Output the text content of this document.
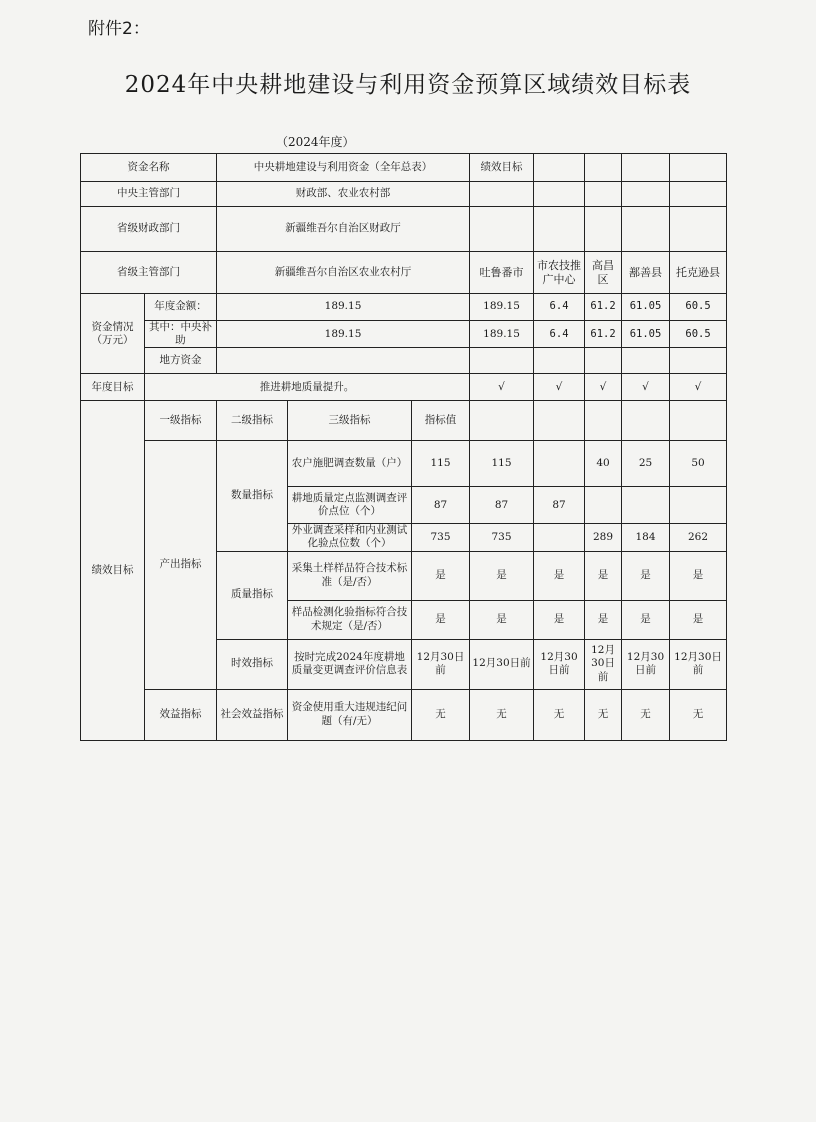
附件2：
2024年中央耕地建设与利用资金预算区域绩效目标表
（2024年度）
资金名称		中央耕地建设与利用资金（全年总表）			绩效目标				
中央主管部门		财政部、农业农村部							
省级财政部门		新疆维吾尔自治区财政厅							
省级主管部门		新疆维吾尔自治区农业农村厅			吐鲁番市	市农技推广中心	高昌区	鄯善县	托克逊县
资金情况（万元）	年度金额：	189.15			189.15	6.4	61.2	61.05	60.5
	其中：中央补助	189.15			189.15	6.4	61.2	61.05	60.5
	地方资金								
年度目标	推进耕地质量提升。				√	√	√	√	√
绩效目标	一级指标	二级指标	三级指标	指标值					
	产出指标	数量指标	农户施肥调查数量（户）	115	115		40	25	50
			耕地质量定点监测调查评价点位（个）	87	87	87			
			外业调查采样和内业测试化验点位数（个）	735	735		289	184	262
		质量指标	采集土样样品符合技术标准（是/否）	是	是	是	是	是	是
			样品检测化验指标符合技术规定（是/否）	是	是	是	是	是	是
		时效指标	按时完成2024年度耕地质量变更调查评价信息表	12月30日前	12月30日前	12月30日前	12月30日前	12月30日前	12月30日前
	效益指标	社会效益指标	资金使用重大违规违纪问题（有/无）	无	无	无	无	无	无
